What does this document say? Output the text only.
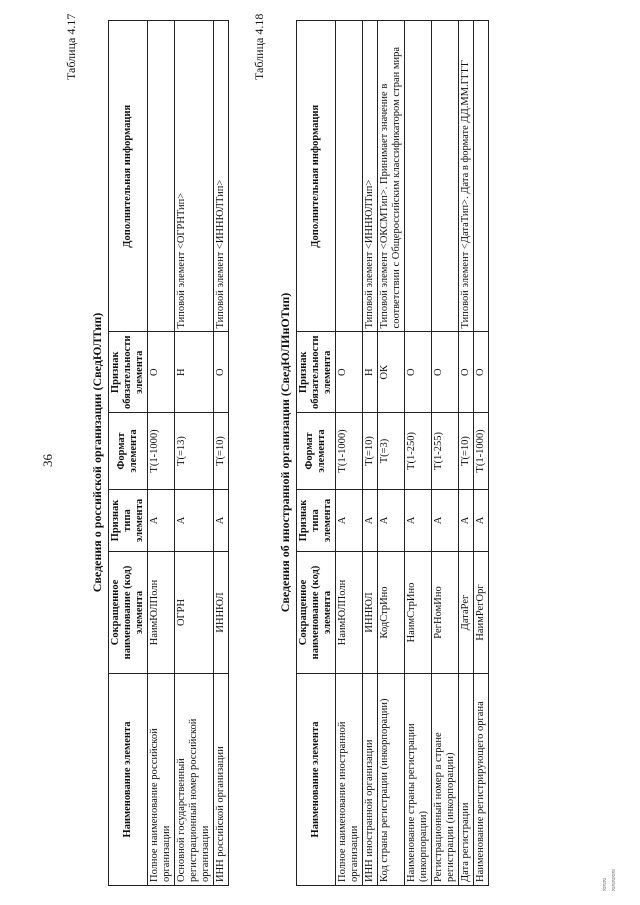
36
Таблица 4.17
Сведения о российской организации (СведЮЛТип)
Наименование элемента	Сокращенное наименование (код) элемента	Признак типа элемента	Формат элемента	Признак обязательности элемента	Дополнительная информация
Полное наименование российской организации	НаимЮЛПолн	А	Т(1-1000)	О	
Основной государственный регистрационный номер российской организации	ОГРН	А	Т(=13)	Н	Типовой элемент <ОГРНТип>
ИНН российской организации	ИННЮЛ	А	Т(=10)	О	Типовой элемент <ИННЮЛТип>
Таблица 4.18
Сведения об иностранной организации (СведЮЛИнОТип)
Наименование элемента	Сокращенное наименование (код) элемента	Признак типа элемента	Формат элемента	Признак обязательности элемента	Дополнительная информация
Полное наименование иностранной организации	НаимЮЛПолн	А	Т(1-1000)	О	
ИНН иностранной организации	ИННЮЛ	А	Т(=10)	Н	Типовой элемент <ИННЮЛТип>
Код страны регистрации (инкорпорации)	КодСтрИно	А	Т(=3)	ОК	Типовой элемент <ОКСМТип>. Принимает значение в соответствии с Общероссийским классификатором стран мира
Наименование страны регистрации (инкорпорации)	НаимСтрИно	А	Т(1-250)	О	
Регистрационный номер в стране регистрации (инкорпорации)	РегНомИно	А	Т(1-255)	О	
Дата регистрации	ДатаРег	А	Т(=10)	О	Типовой элемент <ДатаТип>. Дата в формате ДД.ММ.ГГГГ
Наименование регистрирующего органа	НаимРегОрг	А	Т(1-1000)	О	
≈≈≈
≈≈≈≈≈
